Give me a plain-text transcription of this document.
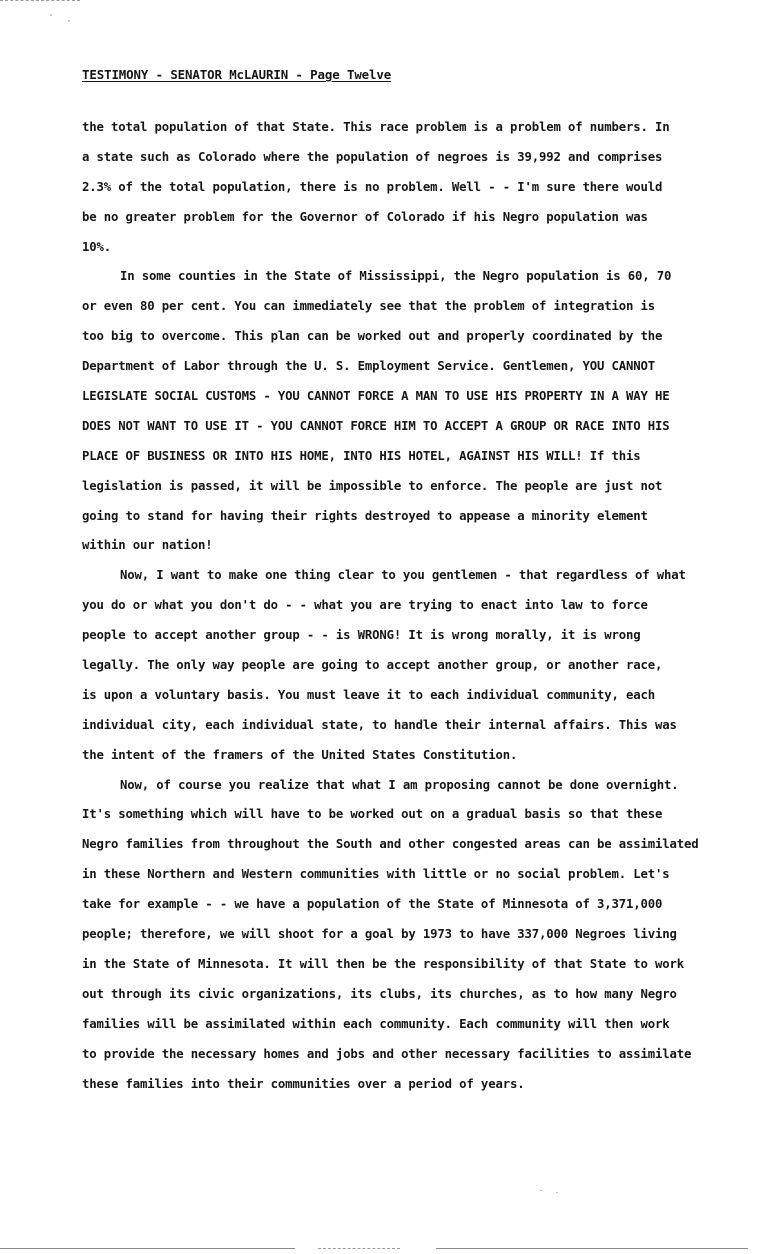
TESTIMONY - SENATOR McLAURIN - Page Twelve
the total population of that State. This race problem is a problem of numbers. In
a state such as Colorado where the population of negroes is 39,992 and comprises
2.3% of the total population, there is no problem. Well - - I'm sure there would
be no greater problem for the Governor of Colorado if his Negro population was
10%.
In some counties in the State of Mississippi, the Negro population is 60, 70
or even 80 per cent. You can immediately see that the problem of integration is
too big to overcome. This plan can be worked out and properly coordinated by the
Department of Labor through the U. S. Employment Service. Gentlemen, YOU CANNOT
LEGISLATE SOCIAL CUSTOMS - YOU CANNOT FORCE A MAN TO USE HIS PROPERTY IN A WAY HE
DOES NOT WANT TO USE IT - YOU CANNOT FORCE HIM TO ACCEPT A GROUP OR RACE INTO HIS
PLACE OF BUSINESS OR INTO HIS HOME, INTO HIS HOTEL, AGAINST HIS WILL! If this
legislation is passed, it will be impossible to enforce. The people are just not
going to stand for having their rights destroyed to appease a minority element
within our nation!
Now, I want to make one thing clear to you gentlemen - that regardless of what
you do or what you don't do - - what you are trying to enact into law to force
people to accept another group - - is WRONG! It is wrong morally, it is wrong
legally. The only way people are going to accept another group, or another race,
is upon a voluntary basis. You must leave it to each individual community, each
individual city, each individual state, to handle their internal affairs. This was
the intent of the framers of the United States Constitution.
Now, of course you realize that what I am proposing cannot be done overnight.
It's something which will have to be worked out on a gradual basis so that these
Negro families from throughout the South and other congested areas can be assimilated
in these Northern and Western communities with little or no social problem. Let's
take for example - - we have a population of the State of Minnesota of 3,371,000
people; therefore, we will shoot for a goal by 1973 to have 337,000 Negroes living
in the State of Minnesota. It will then be the responsibility of that State to work
out through its civic organizations, its clubs, its churches, as to how many Negro
families will be assimilated within each community. Each community will then work
to provide the necessary homes and jobs and other necessary facilities to assimilate
these families into their communities over a period of years.
